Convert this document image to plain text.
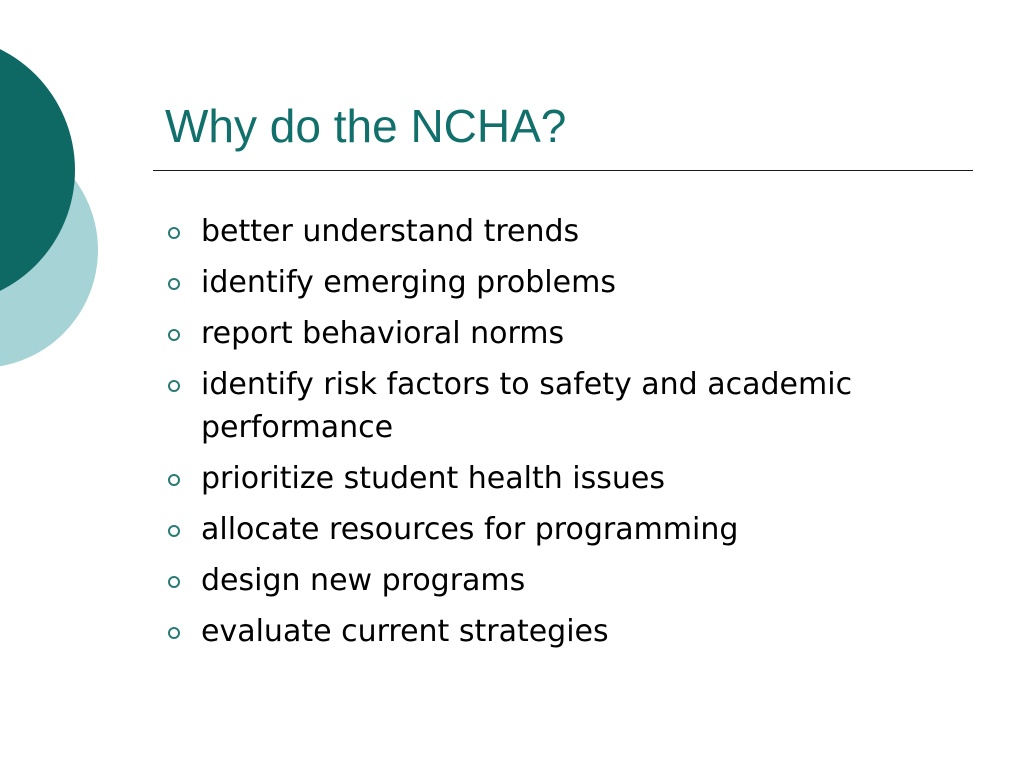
Why do the NCHA?
better understand trends
identify emerging problems
report behavioral norms
identify risk factors to safety and academic performance
prioritize student health issues
allocate resources for programming
design new programs
evaluate current strategies
